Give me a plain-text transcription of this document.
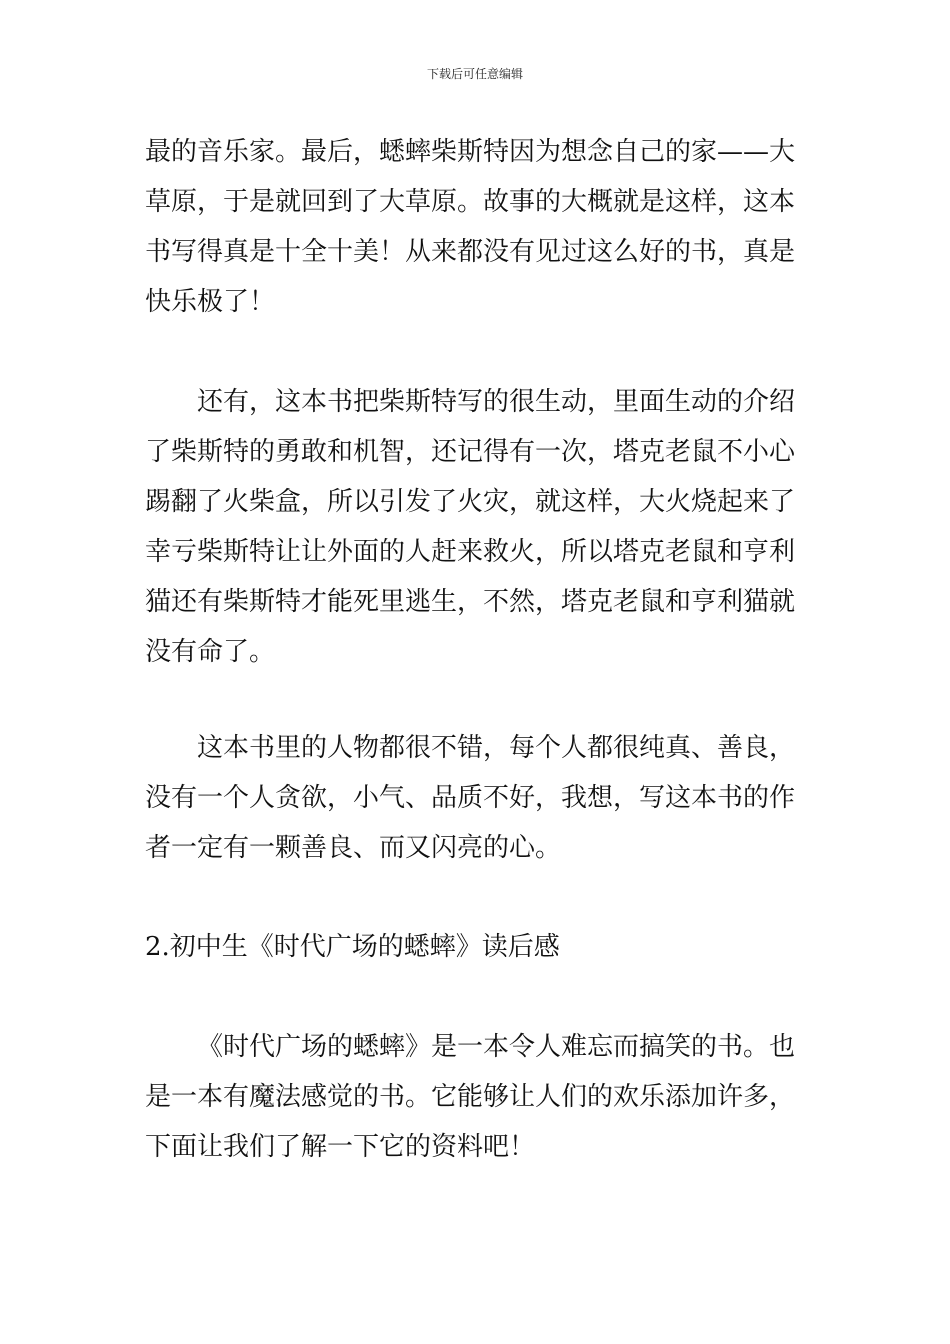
下载后可任意编辑
最的音乐家。最后，蟋蟀柴斯特因为想念自己的家——大
草原，于是就回到了大草原。故事的大概就是这样，这本
书写得真是十全十美！从来都没有见过这么好的书，真是
快乐极了！
还有，这本书把柴斯特写的很生动，里面生动的介绍
了柴斯特的勇敢和机智，还记得有一次，塔克老鼠不小心
踢翻了火柴盒，所以引发了火灾，就这样，大火烧起来了
幸亏柴斯特让让外面的人赶来救火，所以塔克老鼠和亨利
猫还有柴斯特才能死里逃生，不然，塔克老鼠和亨利猫就
没有命了。
这本书里的人物都很不错，每个人都很纯真、善良，
没有一个人贪欲，小气、品质不好，我想，写这本书的作
者一定有一颗善良、而又闪亮的心。
2.初中生《时代广场的蟋蟀》读后感
《时代广场的蟋蟀》是一本令人难忘而搞笑的书。也
是一本有魔法感觉的书。它能够让人们的欢乐添加许多，
下面让我们了解一下它的资料吧！
